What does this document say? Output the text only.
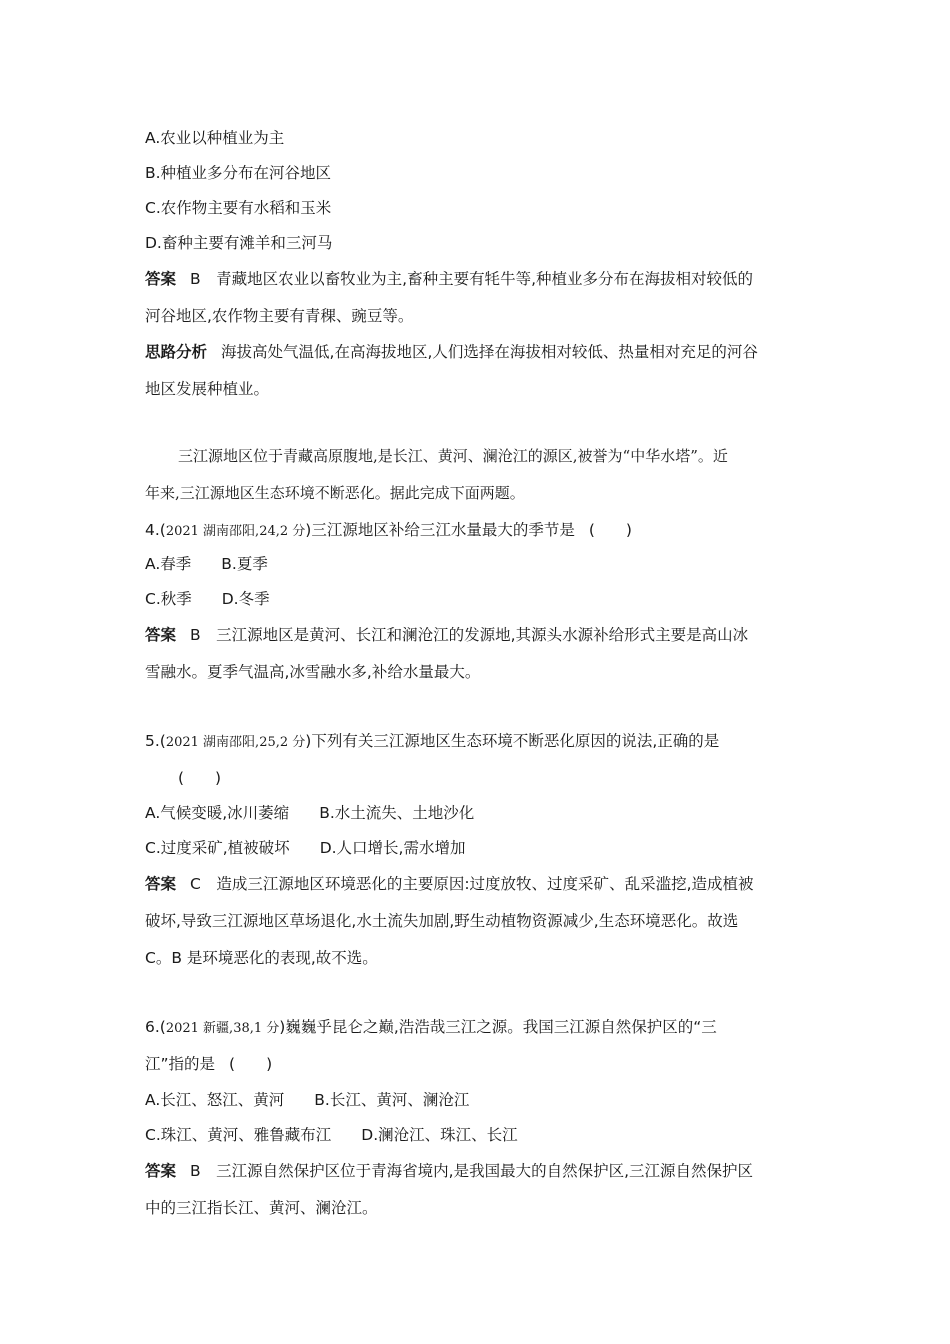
A.农业以种植业为主
B.种植业多分布在河谷地区
C.农作物主要有水稻和玉米
D.畜种主要有滩羊和三河马
答案 B　青藏地区农业以畜牧业为主,畜种主要有牦牛等,种植业多分布在海拔相对较低的
河谷地区,农作物主要有青稞、豌豆等。
思路分析 海拔高处气温低,在高海拔地区,人们选择在海拔相对较低、热量相对充足的河谷
地区发展种植业。
三江源地区位于青藏高原腹地,是长江、黄河、澜沧江的源区,被誉为“中华水塔”。近
年来,三江源地区生态环境不断恶化。据此完成下面两题。
4.(2021 湖南邵阳,24,2 分)三江源地区补给三江水量最大的季节是 (　　)
A.春季 B.夏季
C.秋季 D.冬季
答案 B　三江源地区是黄河、长江和澜沧江的发源地,其源头水源补给形式主要是高山冰
雪融水。夏季气温高,冰雪融水多,补给水量最大。
5.(2021 湖南邵阳,25,2 分)下列有关三江源地区生态环境不断恶化原因的说法,正确的是
(　　)
A.气候变暖,冰川萎缩 B.水土流失、土地沙化
C.过度采矿,植被破坏 D.人口增长,需水增加
答案 C　造成三江源地区环境恶化的主要原因:过度放牧、过度采矿、乱采滥挖,造成植被
破坏,导致三江源地区草场退化,水土流失加剧,野生动植物资源减少,生态环境恶化。故选
C。B 是环境恶化的表现,故不选。
6.(2021 新疆,38,1 分)巍巍乎昆仑之巅,浩浩哉三江之源。我国三江源自然保护区的“三
江”指的是 (　　)
A.长江、怒江、黄河 B.长江、黄河、澜沧江
C.珠江、黄河、雅鲁藏布江 D.澜沧江、珠江、长江
答案 B　三江源自然保护区位于青海省境内,是我国最大的自然保护区,三江源自然保护区
中的三江指长江、黄河、澜沧江。
